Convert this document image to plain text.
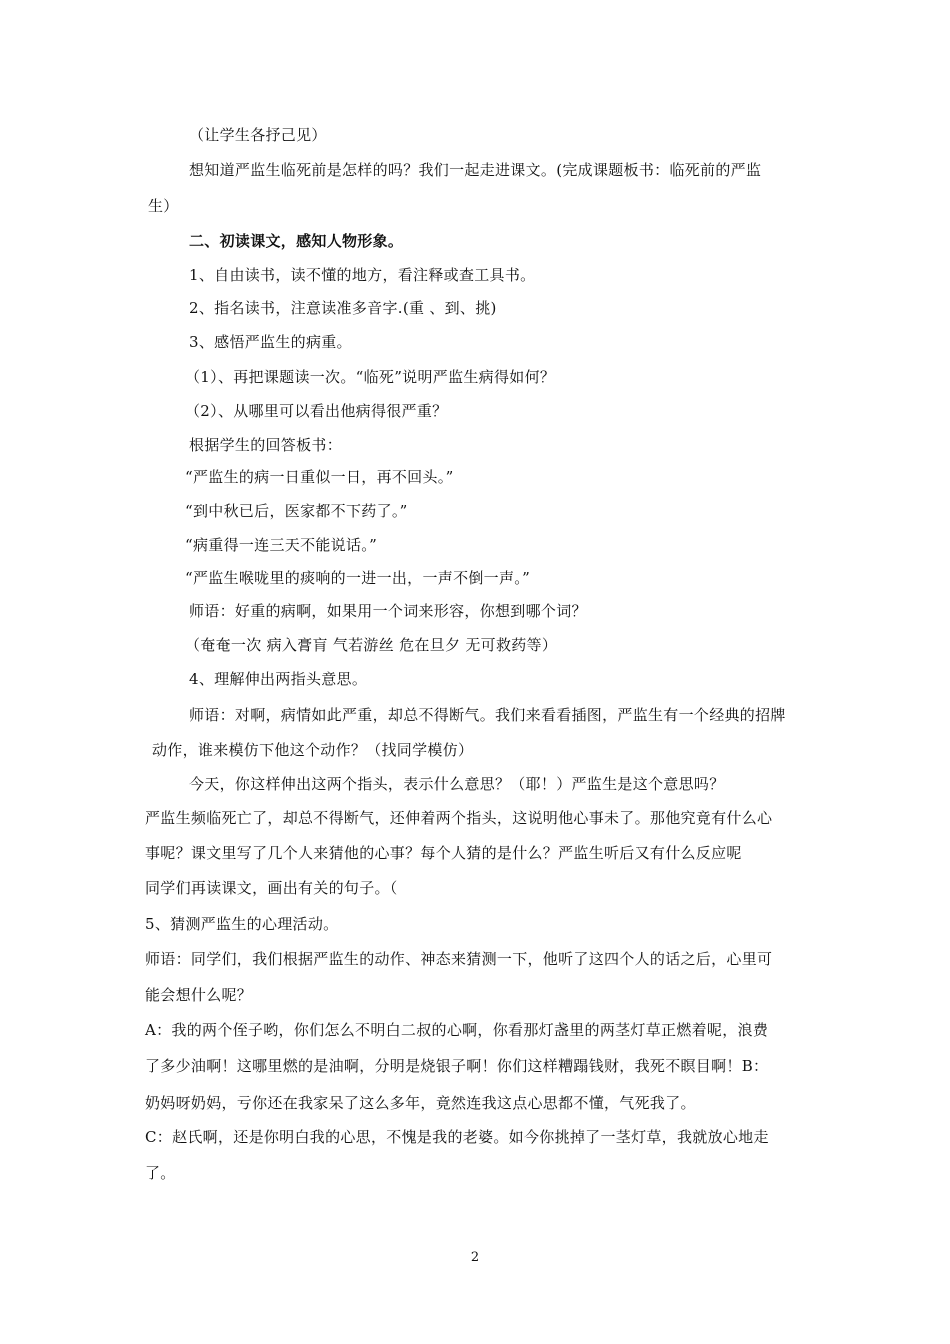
（让学生各抒己见）
想知道严监生临死前是怎样的吗？我们一起走进课文。(完成课题板书：临死前的严监
生）
二、初读课文，感知人物形象。
1、自由读书，读不懂的地方，看注释或查工具书。
2、指名读书，注意读准多音字.(重 、到、挑)
3、感悟严监生的病重。
（1）、再把课题读一次。“临死”说明严监生病得如何？
（2）、从哪里可以看出他病得很严重？
根据学生的回答板书：
“严监生的病一日重似一日，再不回头。”
“到中秋已后，医家都不下药了。”
“病重得一连三天不能说话。”
“严监生喉咙里的痰响的一进一出，一声不倒一声。”
师语：好重的病啊，如果用一个词来形容，你想到哪个词？
（奄奄一次 病入膏肓 气若游丝 危在旦夕 无可救药等）
4、理解伸出两指头意思。
师语：对啊，病情如此严重，却总不得断气。我们来看看插图，严监生有一个经典的招牌
动作，谁来模仿下他这个动作？（找同学模仿）
今天，你这样伸出这两个指头，表示什么意思？（耶！）严监生是这个意思吗？
严监生频临死亡了，却总不得断气，还伸着两个指头，这说明他心事未了。那他究竟有什么心
事呢？课文里写了几个人来猜他的心事？每个人猜的是什么？严监生听后又有什么反应呢
同学们再读课文，画出有关的句子。（
5、猜测严监生的心理活动。
师语：同学们，我们根据严监生的动作、神态来猜测一下，他听了这四个人的话之后，心里可
能会想什么呢？
A：我的两个侄子哟，你们怎么不明白二叔的心啊，你看那灯盏里的两茎灯草正燃着呢，浪费
了多少油啊！这哪里燃的是油啊，分明是烧银子啊！你们这样糟蹋钱财，我死不瞑目啊！B：
奶妈呀奶妈，亏你还在我家呆了这么多年，竟然连我这点心思都不懂，气死我了。
C：赵氏啊，还是你明白我的心思，不愧是我的老婆。如今你挑掉了一茎灯草，我就放心地走
了。
2
